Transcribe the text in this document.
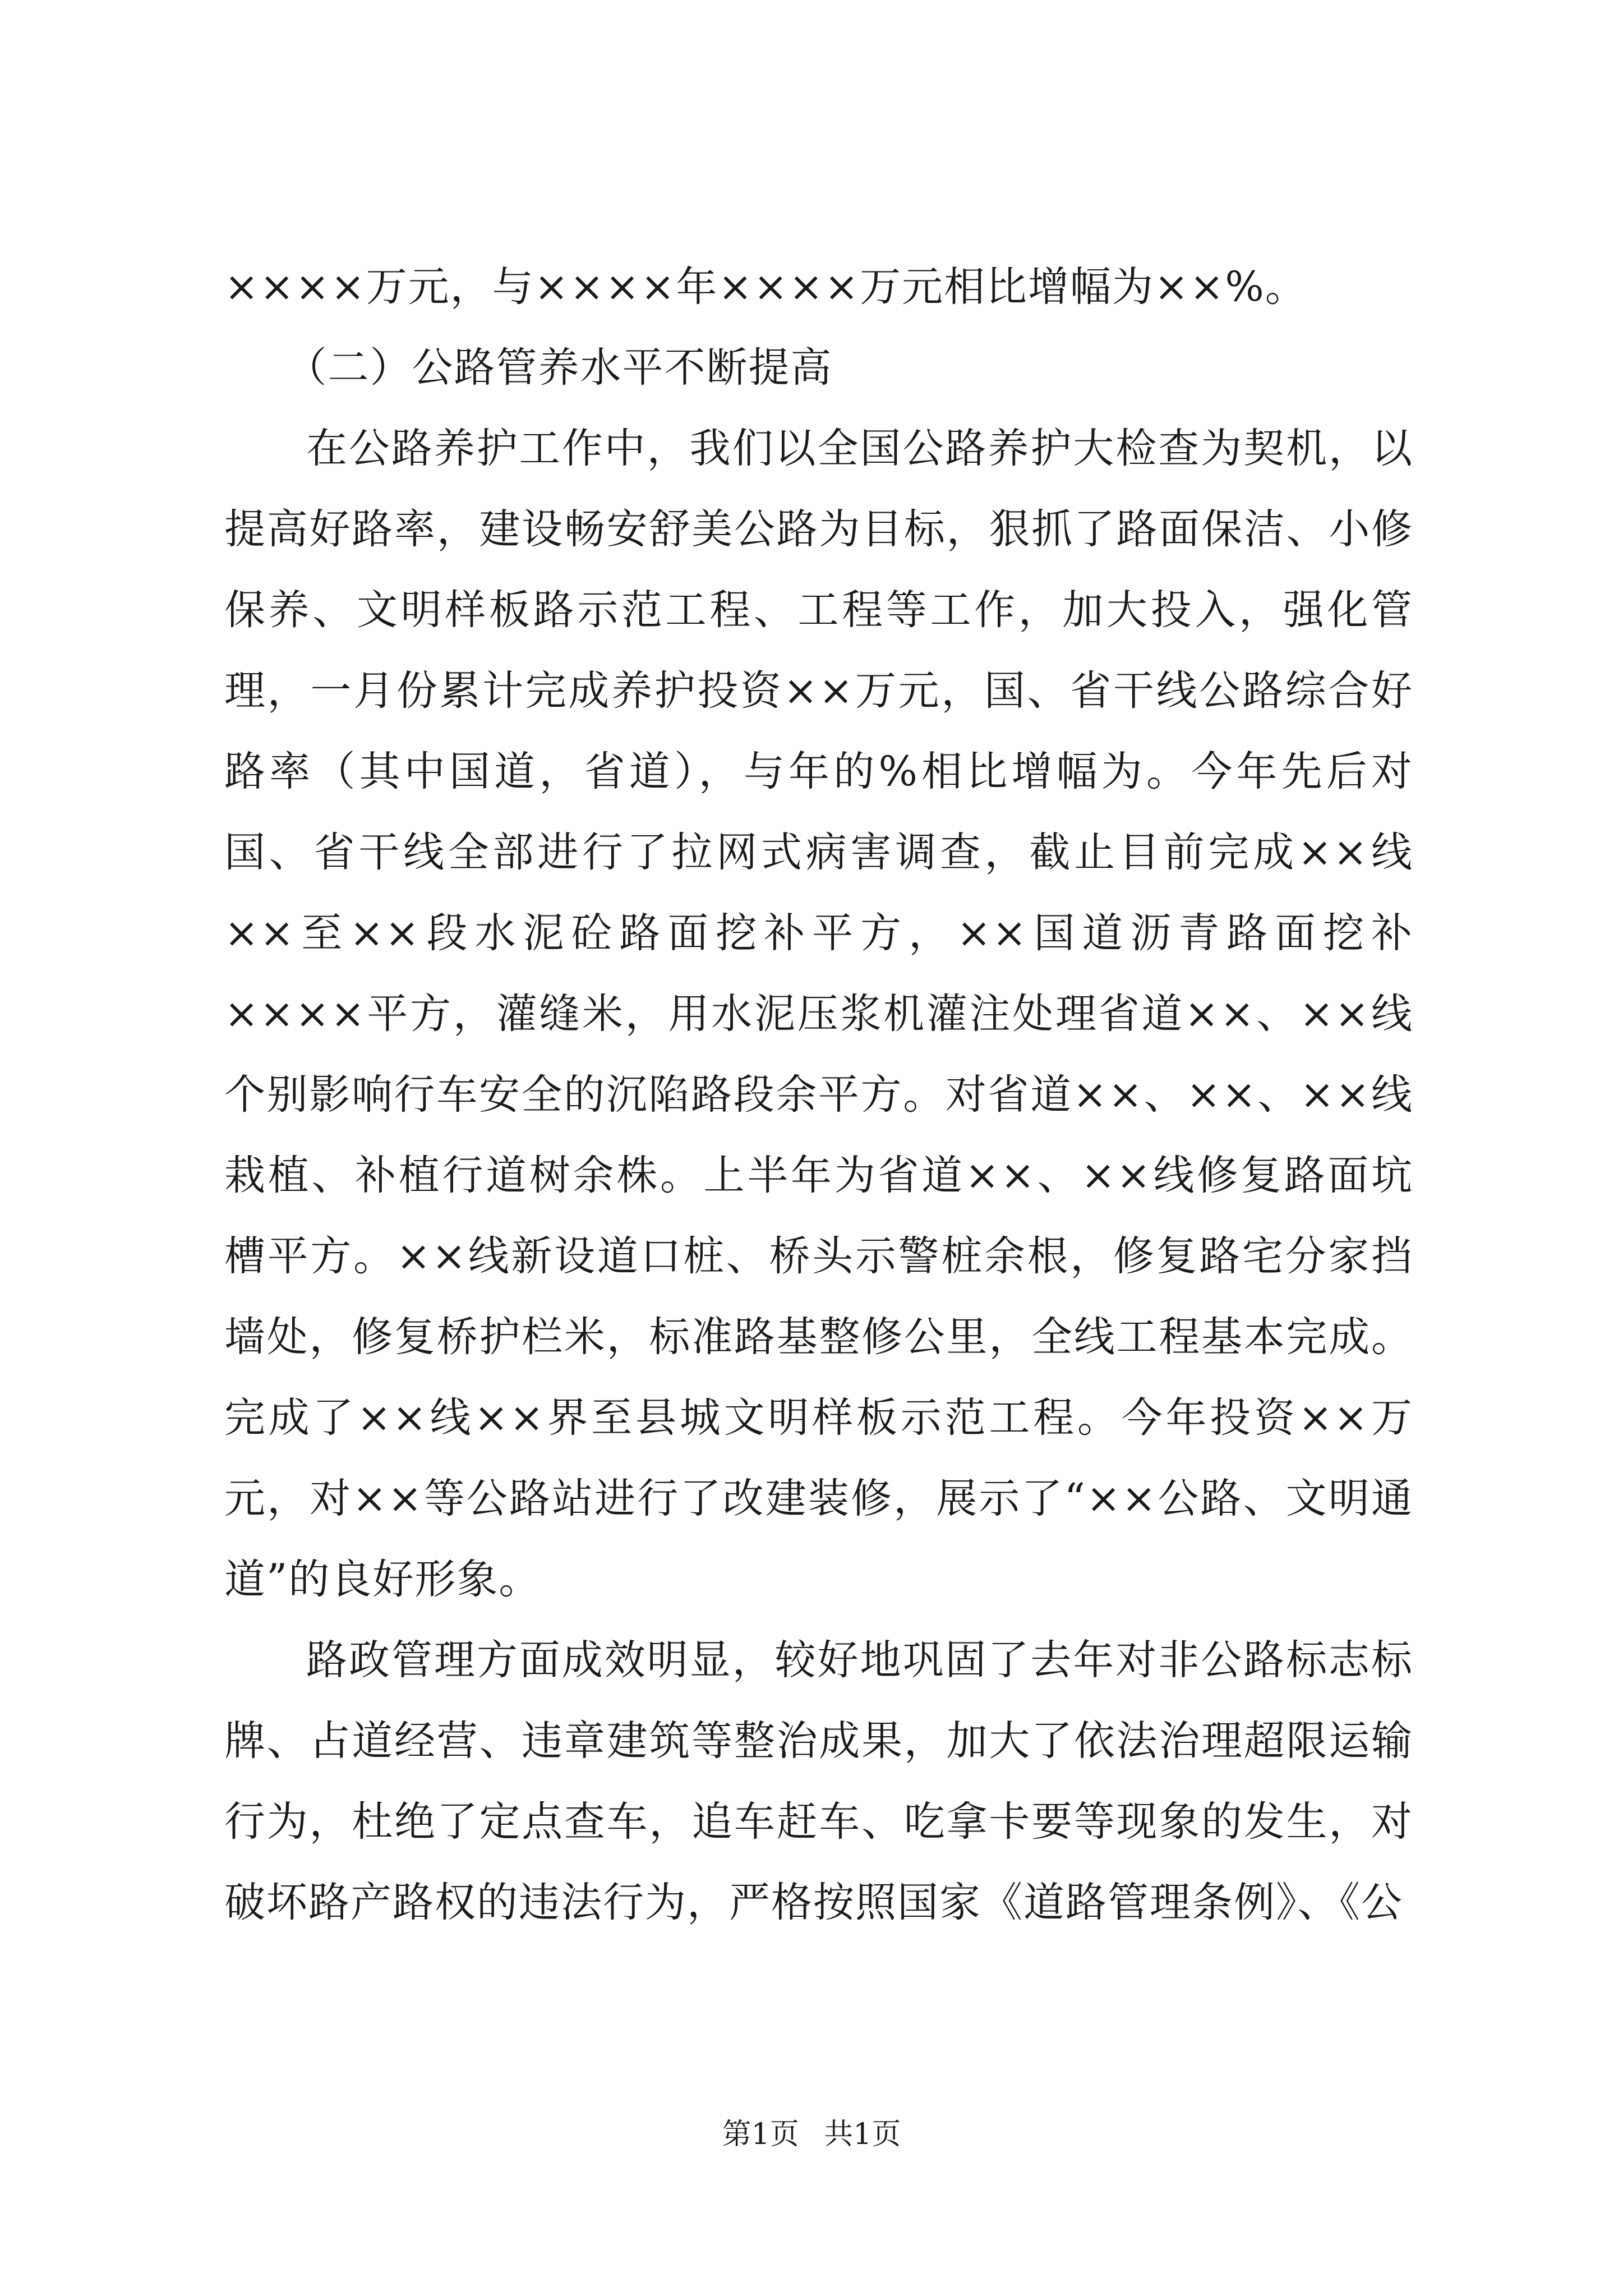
××××万元，与××××年××××万元相比增幅为××%。

（二）公路管养水平不断提高

在公路养护工作中，我们以全国公路养护大检查为契机，以提高好路率，建设畅安舒美公路为目标，狠抓了路面保洁、小修保养、文明样板路示范工程、工程等工作，加大投入，强化管理，一月份累计完成养护投资××万元，国、省干线公路综合好路率（其中国道，省道），与年的%相比增幅为。今年先后对国、省干线全部进行了拉网式病害调查，截止目前完成××线××至××段水泥砼路面挖补平方，××国道沥青路面挖补××××平方，灌缝米，用水泥压浆机灌注处理省道××、××线个别影响行车安全的沉陷路段余平方。对省道××、××、××线栽植、补植行道树余株。上半年为省道××、××线修复路面坑槽平方。××线新设道口桩、桥头示警桩余根，修复路宅分家挡墙处，修复桥护栏米，标准路基整修公里，全线工程基本完成。完成了××线××界至县城文明样板示范工程。今年投资××万元，对××等公路站进行了改建装修，展示了“××公路、文明通道”的良好形象。

路政管理方面成效明显，较好地巩固了去年对非公路标志标牌、占道经营、违章建筑等整治成果，加大了依法治理超限运输行为，杜绝了定点查车，追车赶车、吃拿卡要等现象的发生，对破坏路产路权的违法行为，严格按照国家《道路管理条例》、《公

第1页 共1页
